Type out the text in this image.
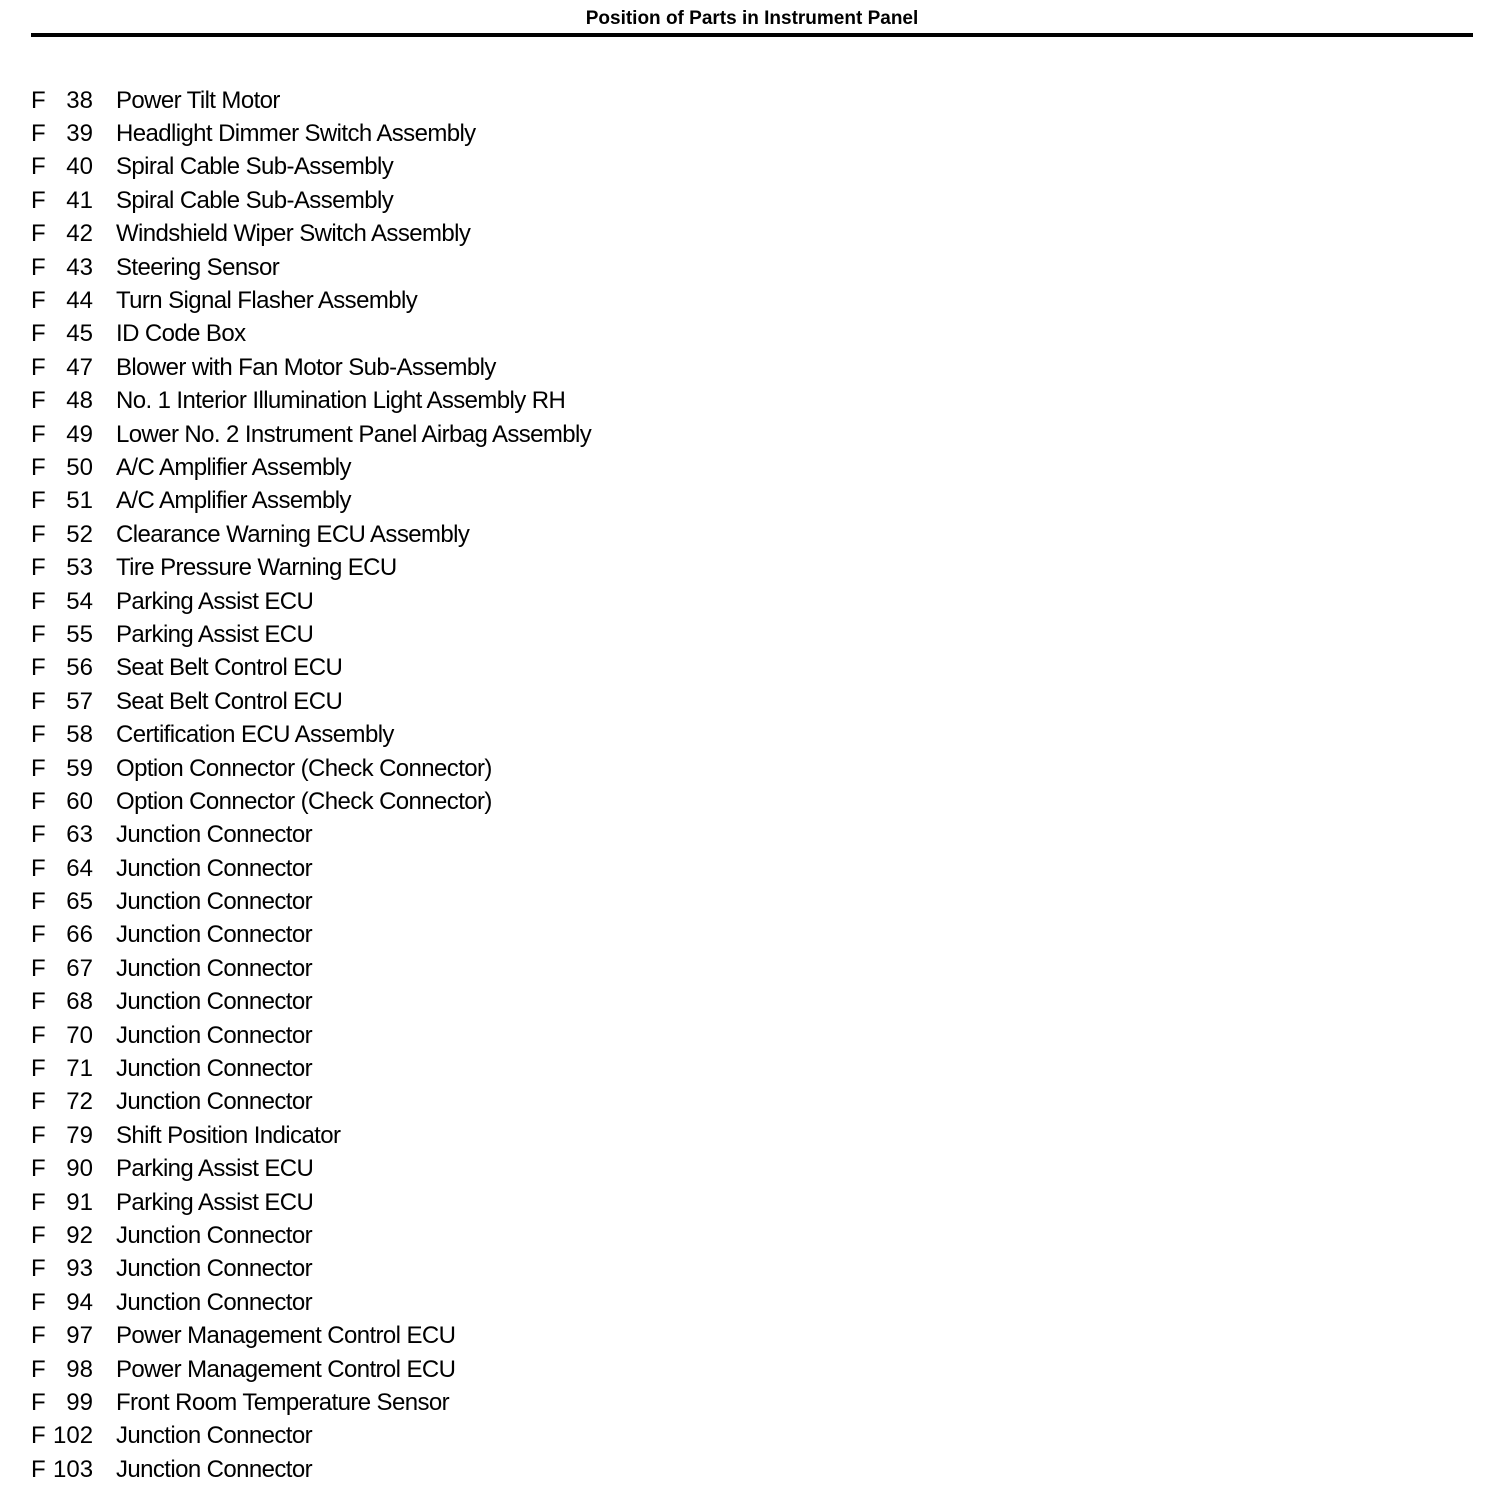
Position of Parts in Instrument Panel
F 38 Power Tilt Motor
F 39 Headlight Dimmer Switch Assembly
F 40 Spiral Cable Sub-Assembly
F 41 Spiral Cable Sub-Assembly
F 42 Windshield Wiper Switch Assembly
F 43 Steering Sensor
F 44 Turn Signal Flasher Assembly
F 45 ID Code Box
F 47 Blower with Fan Motor Sub-Assembly
F 48 No. 1 Interior Illumination Light Assembly RH
F 49 Lower No. 2 Instrument Panel Airbag Assembly
F 50 A/C Amplifier Assembly
F 51 A/C Amplifier Assembly
F 52 Clearance Warning ECU Assembly
F 53 Tire Pressure Warning ECU
F 54 Parking Assist ECU
F 55 Parking Assist ECU
F 56 Seat Belt Control ECU
F 57 Seat Belt Control ECU
F 58 Certification ECU Assembly
F 59 Option Connector (Check Connector)
F 60 Option Connector (Check Connector)
F 63 Junction Connector
F 64 Junction Connector
F 65 Junction Connector
F 66 Junction Connector
F 67 Junction Connector
F 68 Junction Connector
F 70 Junction Connector
F 71 Junction Connector
F 72 Junction Connector
F 79 Shift Position Indicator
F 90 Parking Assist ECU
F 91 Parking Assist ECU
F 92 Junction Connector
F 93 Junction Connector
F 94 Junction Connector
F 97 Power Management Control ECU
F 98 Power Management Control ECU
F 99 Front Room Temperature Sensor
F 102 Junction Connector
F 103 Junction Connector
